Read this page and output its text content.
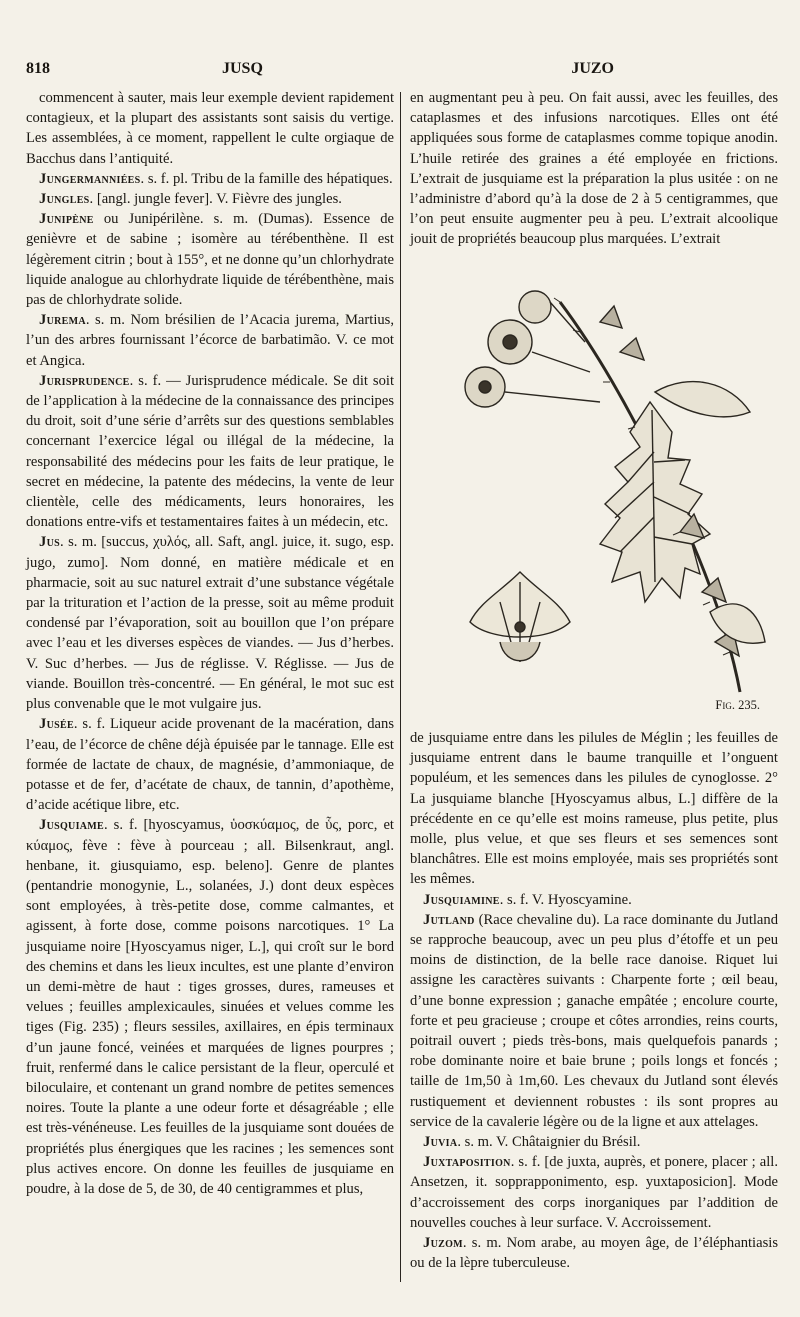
818	JUSQ	JUZO

commencent à sauter, mais leur exemple devient rapidement contagieux, et la plupart des assistants sont saisis du vertige. Les assemblées, à ce moment, rappellent le culte orgiaque de Bacchus dans l’antiquité.

Jungermanniées. s. f. pl. Tribu de la famille des hépatiques.

Jungles. [angl. jungle fever]. V. Fièvre des jungles.

Junipène ou Junipérilène. s. m. (Dumas). Essence de genièvre et de sabine ; isomère au térébenthène. Il est légèrement citrin ; bout à 155°, et ne donne qu’un chlorhydrate liquide analogue au chlorhydrate liquide de térébenthène, mais pas de chlorhydrate solide.

Jurema. s. m. Nom brésilien de l’Acacia jurema, Martius, l’un des arbres fournissant l’écorce de barbatimão. V. ce mot et Angica.

Jurisprudence. s. f. — Jurisprudence médicale. Se dit soit de l’application à la médecine de la connaissance des principes du droit, soit d’une série d’arrêts sur des questions semblables concernant l’exercice légal ou illégal de la médecine, la responsabilité des médecins pour les faits de leur pratique, le secret en médecine, la patente des médecins, la vente de leur clientèle, celle des médicaments, leurs honoraires, les donations entre-vifs et testamentaires faites à un médecin, etc.

Jus. s. m. [succus, χυλός, all. Saft, angl. juice, it. sugo, esp. jugo, zumo]. Nom donné, en matière médicale et en pharmacie, soit au suc naturel extrait d’une substance végétale par la trituration et l’action de la presse, soit au même produit condensé par l’évaporation, soit au bouillon que l’on prépare avec l’eau et les diverses espèces de viandes. — Jus d’herbes. V. Suc d’herbes. — Jus de réglisse. V. Réglisse. — Jus de viande. Bouillon très-concentré. — En général, le mot suc est plus convenable que le mot vulgaire jus.

Jusée. s. f. Liqueur acide provenant de la macération, dans l’eau, de l’écorce de chêne déjà épuisée par le tannage. Elle est formée de lactate de chaux, de magnésie, d’ammoniaque, de potasse et de fer, d’acétate de chaux, de tannin, d’apothème, d’acide acétique libre, etc.

Jusquiame. s. f. [hyoscyamus, ὑοσκύαμος, de ὗς, porc, et κύαμος, fève : fève à pourceau ; all. Bilsenkraut, angl. henbane, it. giusquiamo, esp. beleno]. Genre de plantes (pentandrie monogynie, L., solanées, J.) dont deux espèces sont employées, à très-petite dose, comme calmantes, et agissent, à forte dose, comme poisons narcotiques. 1° La jusquiame noire [Hyoscyamus niger, L.], qui croît sur le bord des chemins et dans les lieux incultes, est une plante d’environ un demi-mètre de haut : tiges grosses, dures, rameuses et velues ; feuilles amplexicaules, sinuées et velues comme les tiges (Fig. 235) ; fleurs sessiles, axillaires, en épis terminaux d’un jaune foncé, veinées et marquées de lignes pourpres ; fruit, renfermé dans le calice persistant de la fleur, operculé et biloculaire, et contenant un grand nombre de petites semences noires. Toute la plante a une odeur forte et désagréable ; elle est très-vénéneuse. Les feuilles de la jusquiame sont douées de propriétés plus énergiques que les racines ; les semences sont plus actives encore. On donne les feuilles de jusquiame en poudre, à la dose de 5, de 30, de 40 centigrammes et plus,

en augmentant peu à peu. On fait aussi, avec les feuilles, des cataplasmes et des infusions narcotiques. Elles ont été appliquées sous forme de cataplasmes comme topique anodin. L’huile retirée des graines a été employée en frictions. L’extrait de jusquiame est la préparation la plus usitée : on ne l’administre d’abord qu’à la dose de 2 à 5 centigrammes, que l’on peut ensuite augmenter peu à peu. L’extrait alcoolique jouit de propriétés beaucoup plus marquées. L’extrait

Fig. 235.

de jusquiame entre dans les pilules de Méglin ; les feuilles de jusquiame entrent dans le baume tranquille et l’onguent populéum, et les semences dans les pilules de cynoglosse. 2° La jusquiame blanche [Hyoscyamus albus, L.] diffère de la précédente en ce qu’elle est moins rameuse, plus petite, plus molle, plus velue, et que ses fleurs et ses semences sont blanchâtres. Elle est moins employée, mais ses propriétés sont les mêmes.

Jusquiamine. s. f. V. Hyoscyamine.

Jutland (Race chevaline du). La race dominante du Jutland se rapproche beaucoup, avec un peu plus d’étoffe et un peu moins de distinction, de la belle race danoise. Riquet lui assigne les caractères suivants : Charpente forte ; œil beau, d’une bonne expression ; ganache empâtée ; encolure courte, forte et peu gracieuse ; croupe et côtes arrondies, reins courts, poitrail ouvert ; pieds très-bons, mais quelquefois panards ; robe dominante noire et baie brune ; poils longs et foncés ; taille de 1m,50 à 1m,60. Les chevaux du Jutland sont élevés rustiquement et deviennent robustes : ils sont propres au service de la cavalerie légère ou de la ligne et aux attelages.

Juvia. s. m. V. Châtaignier du Brésil.

Juxtaposition. s. f. [de juxta, auprès, et ponere, placer ; all. Ansetzen, it. sopprapponimento, esp. yuxtaposicion]. Mode d’accroissement des corps inorganiques par l’addition de nouvelles couches à leur surface. V. Accroissement.

Juzom. s. m. Nom arabe, au moyen âge, de l’éléphantiasis ou de la lèpre tuberculeuse.
